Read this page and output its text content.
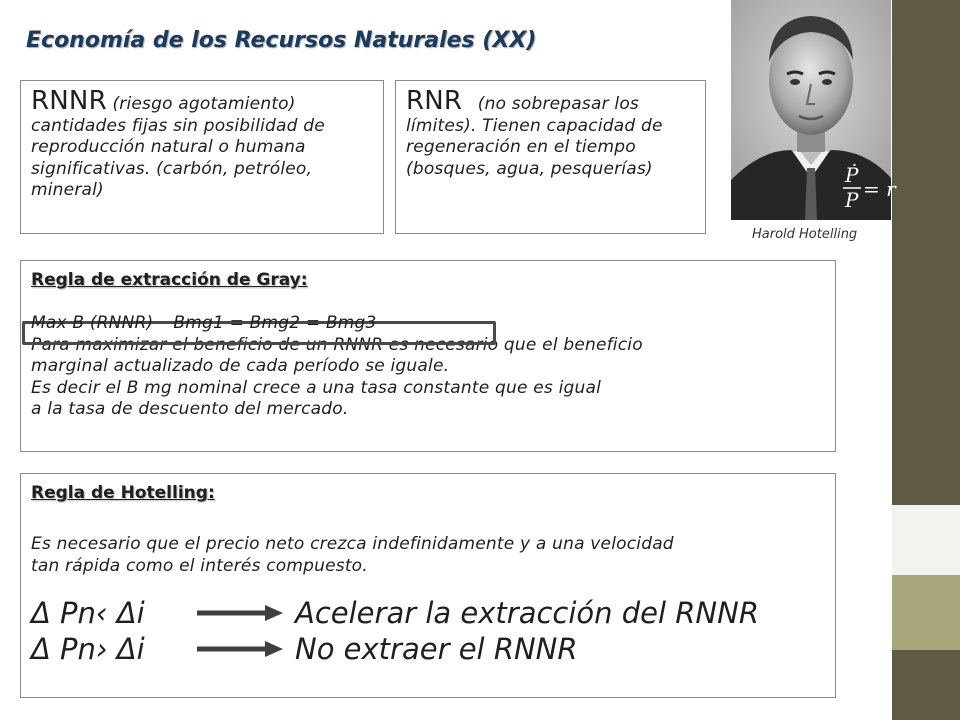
Economía de los Recursos Naturales (XX)
RNNR (riesgo agotamiento) cantidades fijas sin posibilidad de reproducción natural o humana significativas. (carbón, petróleo, mineral)
RNR (no sobrepasar los límites). Tienen capacidad de regeneración en el tiempo (bosques, agua, pesquerías)	Ṗ
P = r
Harold Hotelling
Regla de extracción de Gray:
Max B (RNNR) Bmg1 = Bmg2 = Bmg3
Para maximizar el beneficio de un RNNR es necesario que el beneficio
marginal actualizado de cada período se iguale.
Es decir el B mg nominal crece a una tasa constante que es igual
a la tasa de descuento del mercado.
Regla de Hotelling:
Es necesario que el precio neto crezca indefinidamente y a una velocidad
tan rápida como el interés compuesto.
Δ Pn‹ Δi	Acelerar la extracción del RNNR
Δ Pn› Δi	No extraer el RNNR
